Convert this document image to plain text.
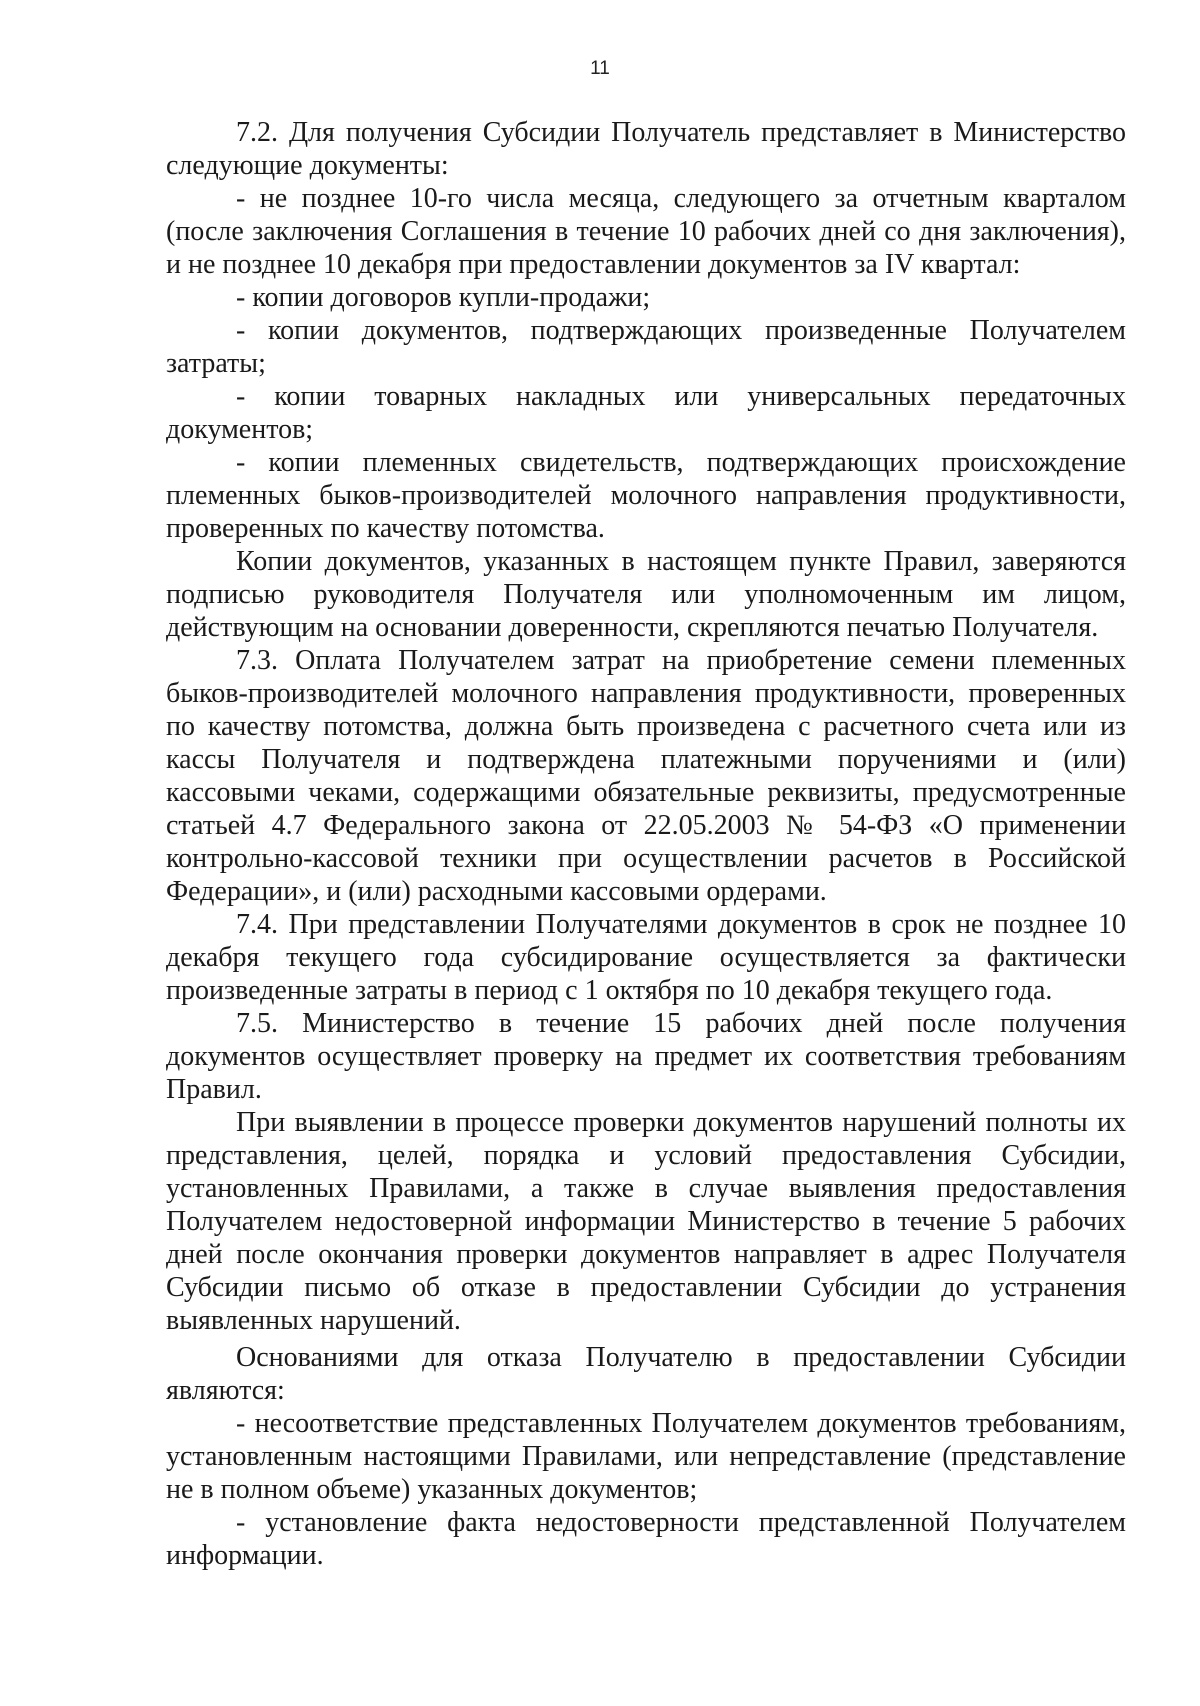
11

7.2. Для получения Субсидии Получатель представляет в Министерство следующие документы:

- не позднее 10-го числа месяца, следующего за отчетным кварталом (после заключения Соглашения в течение 10 рабочих дней со дня заключения), и не позднее 10 декабря при предоставлении документов за IV квартал:

- копии договоров купли-продажи;

- копии документов, подтверждающих произведенные Получателем затраты;

- копии товарных накладных или универсальных передаточных документов;

- копии племенных свидетельств, подтверждающих происхождение племенных быков-производителей молочного направления продуктивности, проверенных по качеству потомства.

Копии документов, указанных в настоящем пункте Правил, заверяются подписью руководителя Получателя или уполномоченным им лицом, действующим на основании доверенности, скрепляются печатью Получателя.

7.3. Оплата Получателем затрат на приобретение семени племенных быков-производителей молочного направления продуктивности, проверенных по качеству потомства, должна быть произведена с расчетного счета или из кассы Получателя и подтверждена платежными поручениями и (или) кассовыми чеками, содержащими обязательные реквизиты, предусмотренные статьей 4.7 Федерального закона от 22.05.2003 № 54-ФЗ «О применении контрольно-кассовой техники при осуществлении расчетов в Российской Федерации», и (или) расходными кассовыми ордерами.

7.4. При представлении Получателями документов в срок не позднее 10 декабря текущего года субсидирование осуществляется за фактически произведенные затраты в период с 1 октября по 10 декабря текущего года.

7.5. Министерство в течение 15 рабочих дней после получения документов осуществляет проверку на предмет их соответствия требованиям Правил.

При выявлении в процессе проверки документов нарушений полноты их представления, целей, порядка и условий предоставления Субсидии, установленных Правилами, а также в случае выявления предоставления Получателем недостоверной информации Министерство в течение 5 рабочих дней после окончания проверки документов направляет в адрес Получателя Субсидии письмо об отказе в предоставлении Субсидии до устранения выявленных нарушений.

Основаниями для отказа Получателю в предоставлении Субсидии являются:

- несоответствие представленных Получателем документов требованиям, установленным настоящими Правилами, или непредставление (представление не в полном объеме) указанных документов;

- установление факта недостоверности представленной Получателем информации.
